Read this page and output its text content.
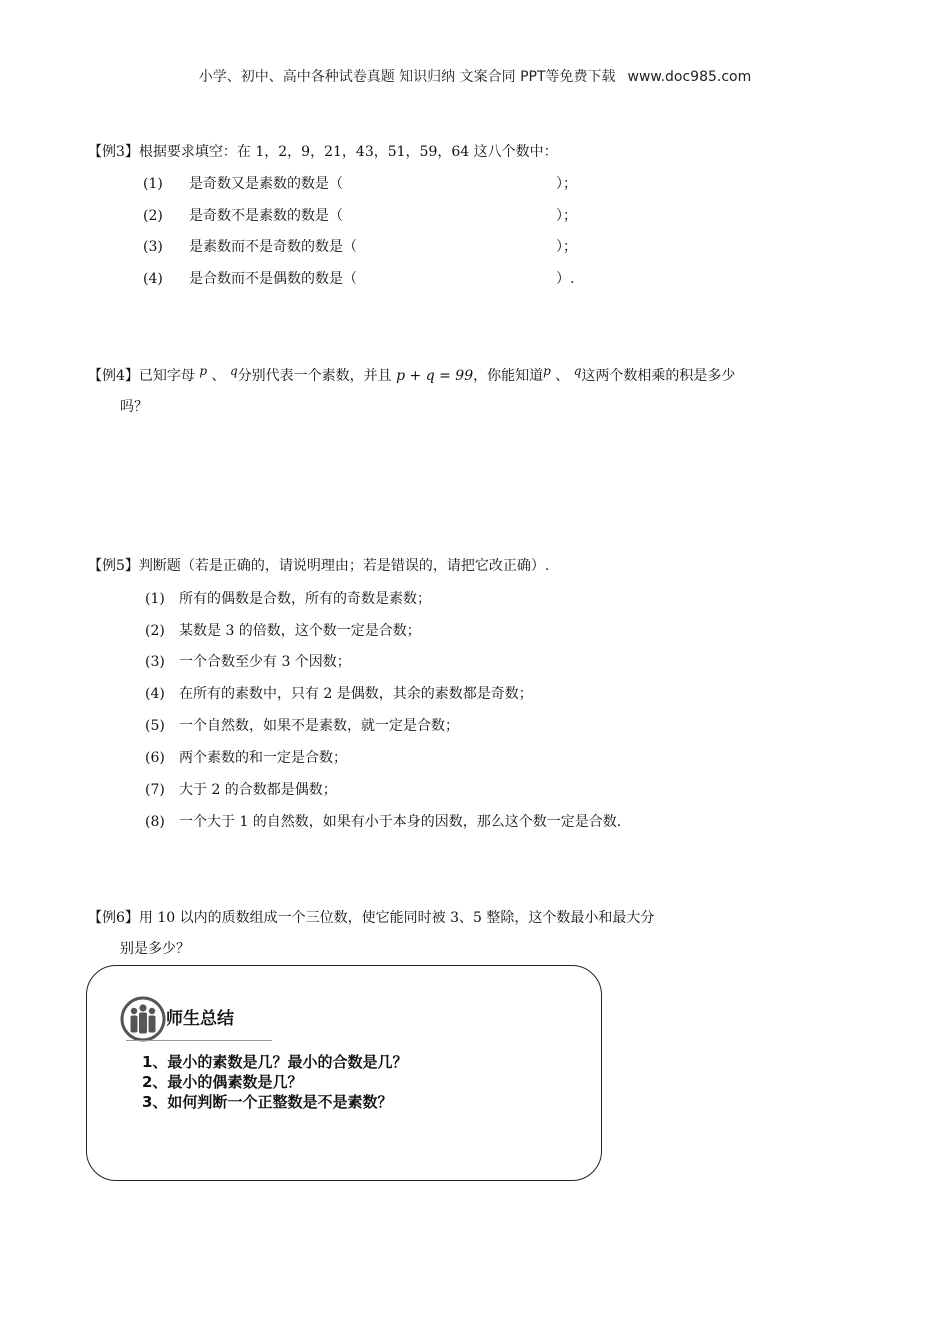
小学、初中、高中各种试卷真题 知识归纳 文案合同 PPT等免费下载 www.doc985.com
【例3】根据要求填空：在 1，2，9，21，43，51，59，64 这八个数中：
(1) 是奇数又是素数的数是（	）；
(2) 是奇数不是素数的数是（	）；
(3) 是素数而不是奇数的数是（	）；
(4) 是合数而不是偶数的数是（	）.
【例4】已知字母 p 、 q分别代表一个素数，并且 p + q = 99，你能知道p 、 q这两个数相乘的积是多少
吗？
【例5】判断题（若是正确的，请说明理由；若是错误的，请把它改正确）.
(1) 所有的偶数是合数，所有的奇数是素数；
(2) 某数是 3 的倍数，这个数一定是合数；
(3) 一个合数至少有 3 个因数；
(4) 在所有的素数中，只有 2 是偶数，其余的素数都是奇数；
(5) 一个自然数，如果不是素数，就一定是合数；
(6) 两个素数的和一定是合数；
(7) 大于 2 的合数都是偶数；
(8) 一个大于 1 的自然数，如果有小于本身的因数，那么这个数一定是合数.
【例6】用 10 以内的质数组成一个三位数，使它能同时被 3、5 整除，这个数最小和最大分
别是多少？
师生总结
1、最小的素数是几？最小的合数是几？
2、最小的偶素数是几？
3、如何判断一个正整数是不是素数？
